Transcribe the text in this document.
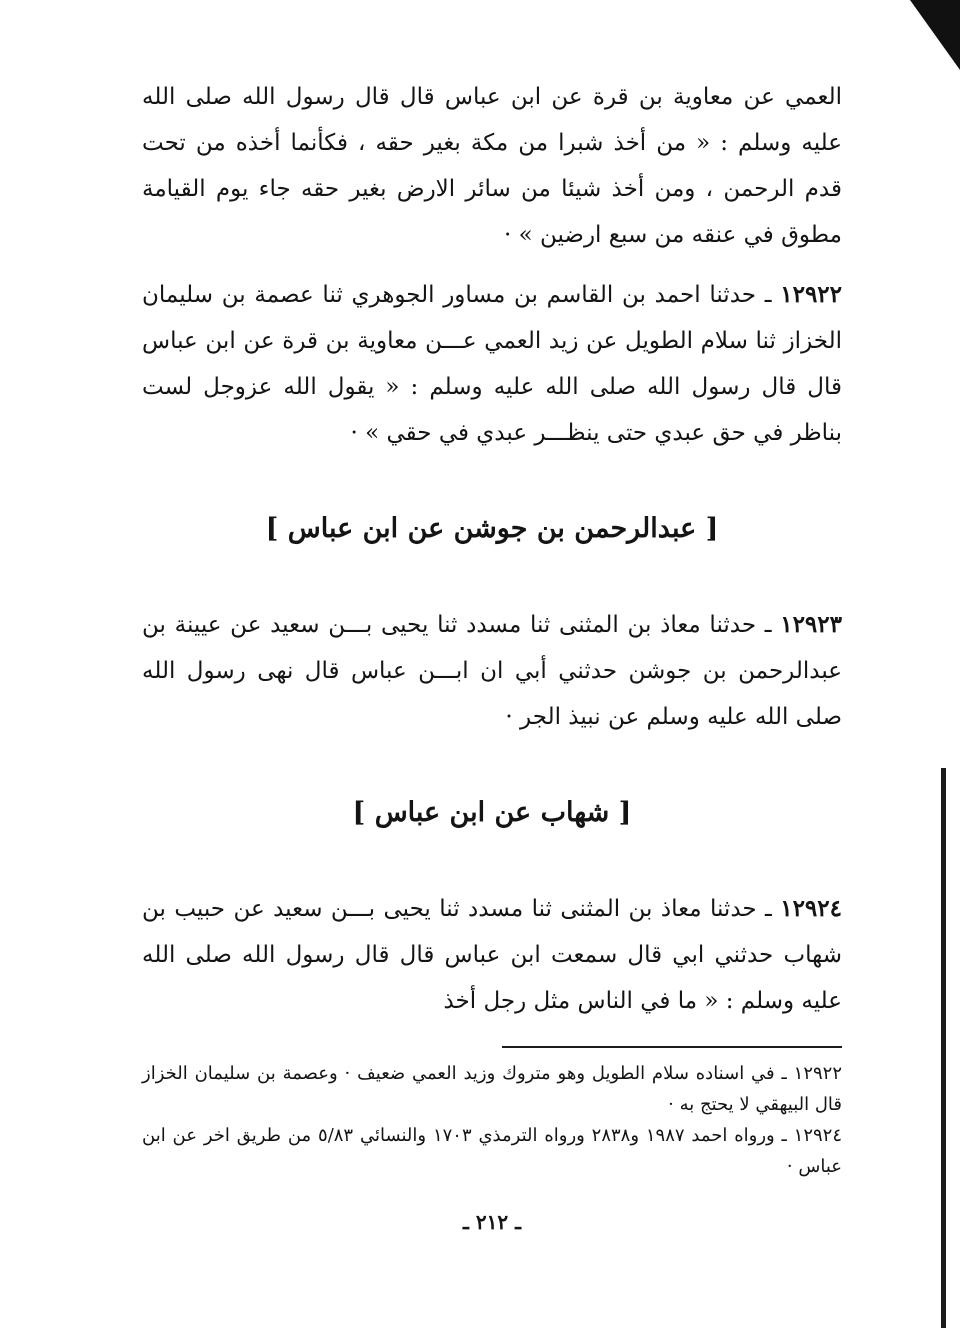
العمي عن معاوية بن قرة عن ابن عباس قال قال رسول الله صلى الله عليه وسلم : « من أخذ شبرا من مكة بغير حقه ، فكأنما أخذه من تحت قدم الرحمن ، ومن أخذ شيئا من سائر الارض بغير حقه جاء يوم القيامة مطوق في عنقه من سبع ارضين » ·

١٢٩٢٢ ـ حدثنا احمد بن القاسم بن مساور الجوهري ثنا عصمة بن سليمان الخزاز ثنا سلام الطويل عن زيد العمي عـــن معاوية بن قرة عن ابن عباس قال قال رسول الله صلى الله عليه وسلم : « يقول الله عزوجل لست بناظر في حق عبدي حتى ينظـــر عبدي في حقي » ·

[ عبدالرحمن بن جوشن عن ابن عباس ]

١٢٩٢٣ ـ حدثنا معاذ بن المثنى ثنا مسدد ثنا يحيى بـــن سعيد عن عيينة بن عبدالرحمن بن جوشن حدثني أبي ان ابـــن عباس قال نهى رسول الله صلى الله عليه وسلم عن نبيذ الجر ·

[ شهاب عن ابن عباس ]

١٢٩٢٤ ـ حدثنا معاذ بن المثنى ثنا مسدد ثنا يحيى بـــن سعيد عن حبيب بن شهاب حدثني ابي قال سمعت ابن عباس قال قال رسول الله صلى الله عليه وسلم : « ما في الناس مثل رجل أخذ

١٢٩٢٢ ـ في اسناده سلام الطويل وهو متروك وزيد العمي ضعيف · وعصمة بن سليمان الخزاز قال البيهقي لا يحتج به ·

١٢٩٢٤ ـ ورواه احمد ١٩٨٧ و٢٨٣٨ ورواه الترمذي ١٧٠٣ والنسائي ٥/٨٣ من طريق اخر عن ابن عباس ·

ـ ٢١٢ ـ
